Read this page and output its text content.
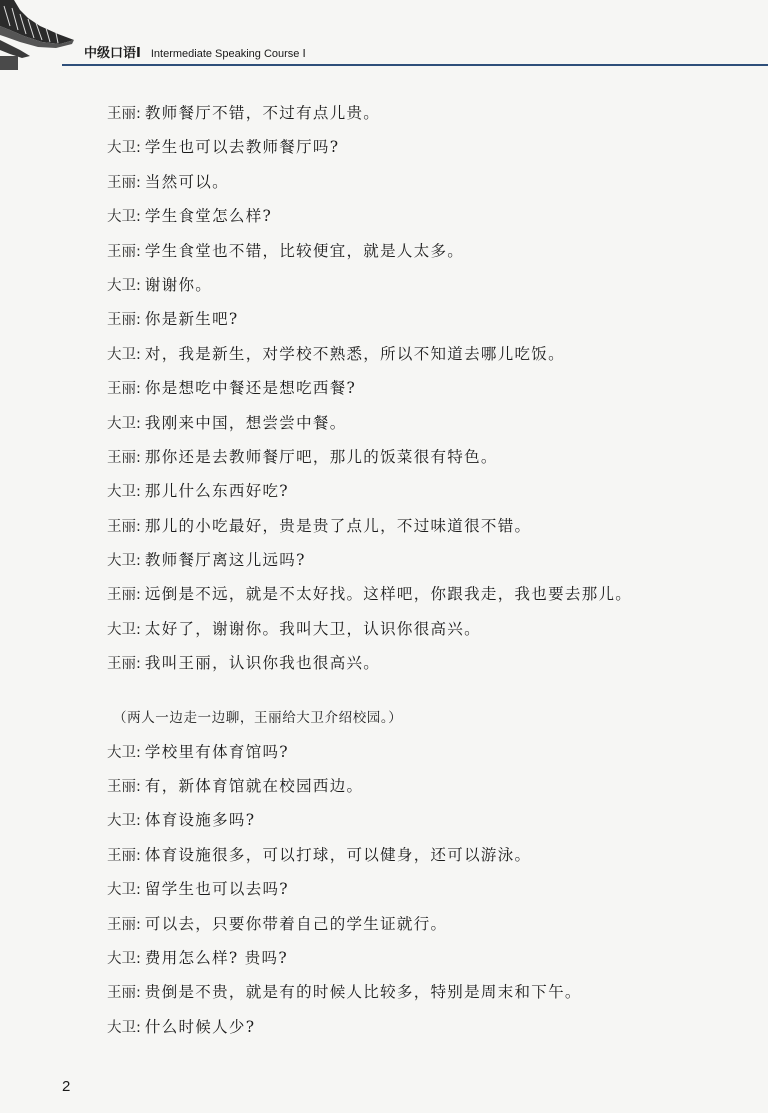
中级口语Ⅰ Intermediate Speaking Course Ⅰ
王丽: 教师餐厅不错，不过有点儿贵。
大卫: 学生也可以去教师餐厅吗?
王丽: 当然可以。
大卫: 学生食堂怎么样?
王丽: 学生食堂也不错，比较便宜，就是人太多。
大卫: 谢谢你。
王丽: 你是新生吧?
大卫: 对，我是新生，对学校不熟悉，所以不知道去哪儿吃饭。
王丽: 你是想吃中餐还是想吃西餐?
大卫: 我刚来中国，想尝尝中餐。
王丽: 那你还是去教师餐厅吧，那儿的饭菜很有特色。
大卫: 那儿什么东西好吃?
王丽: 那儿的小吃最好，贵是贵了点儿，不过味道很不错。
大卫: 教师餐厅离这儿远吗?
王丽: 远倒是不远，就是不太好找。这样吧，你跟我走，我也要去那儿。
大卫: 太好了，谢谢你。我叫大卫，认识你很高兴。
王丽: 我叫王丽，认识你我也很高兴。
（两人一边走一边聊，王丽给大卫介绍校园。）
大卫: 学校里有体育馆吗?
王丽: 有，新体育馆就在校园西边。
大卫: 体育设施多吗?
王丽: 体育设施很多，可以打球，可以健身，还可以游泳。
大卫: 留学生也可以去吗?
王丽: 可以去，只要你带着自己的学生证就行。
大卫: 费用怎么样? 贵吗?
王丽: 贵倒是不贵，就是有的时候人比较多，特别是周末和下午。
大卫: 什么时候人少?
2
